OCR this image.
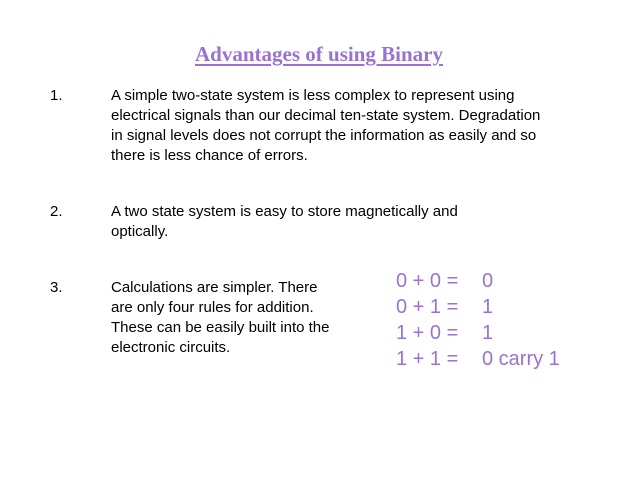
Advantages of using Binary
1.	A simple two-state system is less complex to represent using
electrical signals than our decimal ten-state system. Degradation
in signal levels does not corrupt the information as easily and so
there is less chance of errors.
2.	A two state system is easy to store magnetically and
optically.
3.	Calculations are simpler. There
are only four rules for addition.
These can be easily built into the
electronic circuits.
0 + 0 = 0
0 + 1 = 1
1 + 0 = 1
1 + 1 = 0 carry 1
